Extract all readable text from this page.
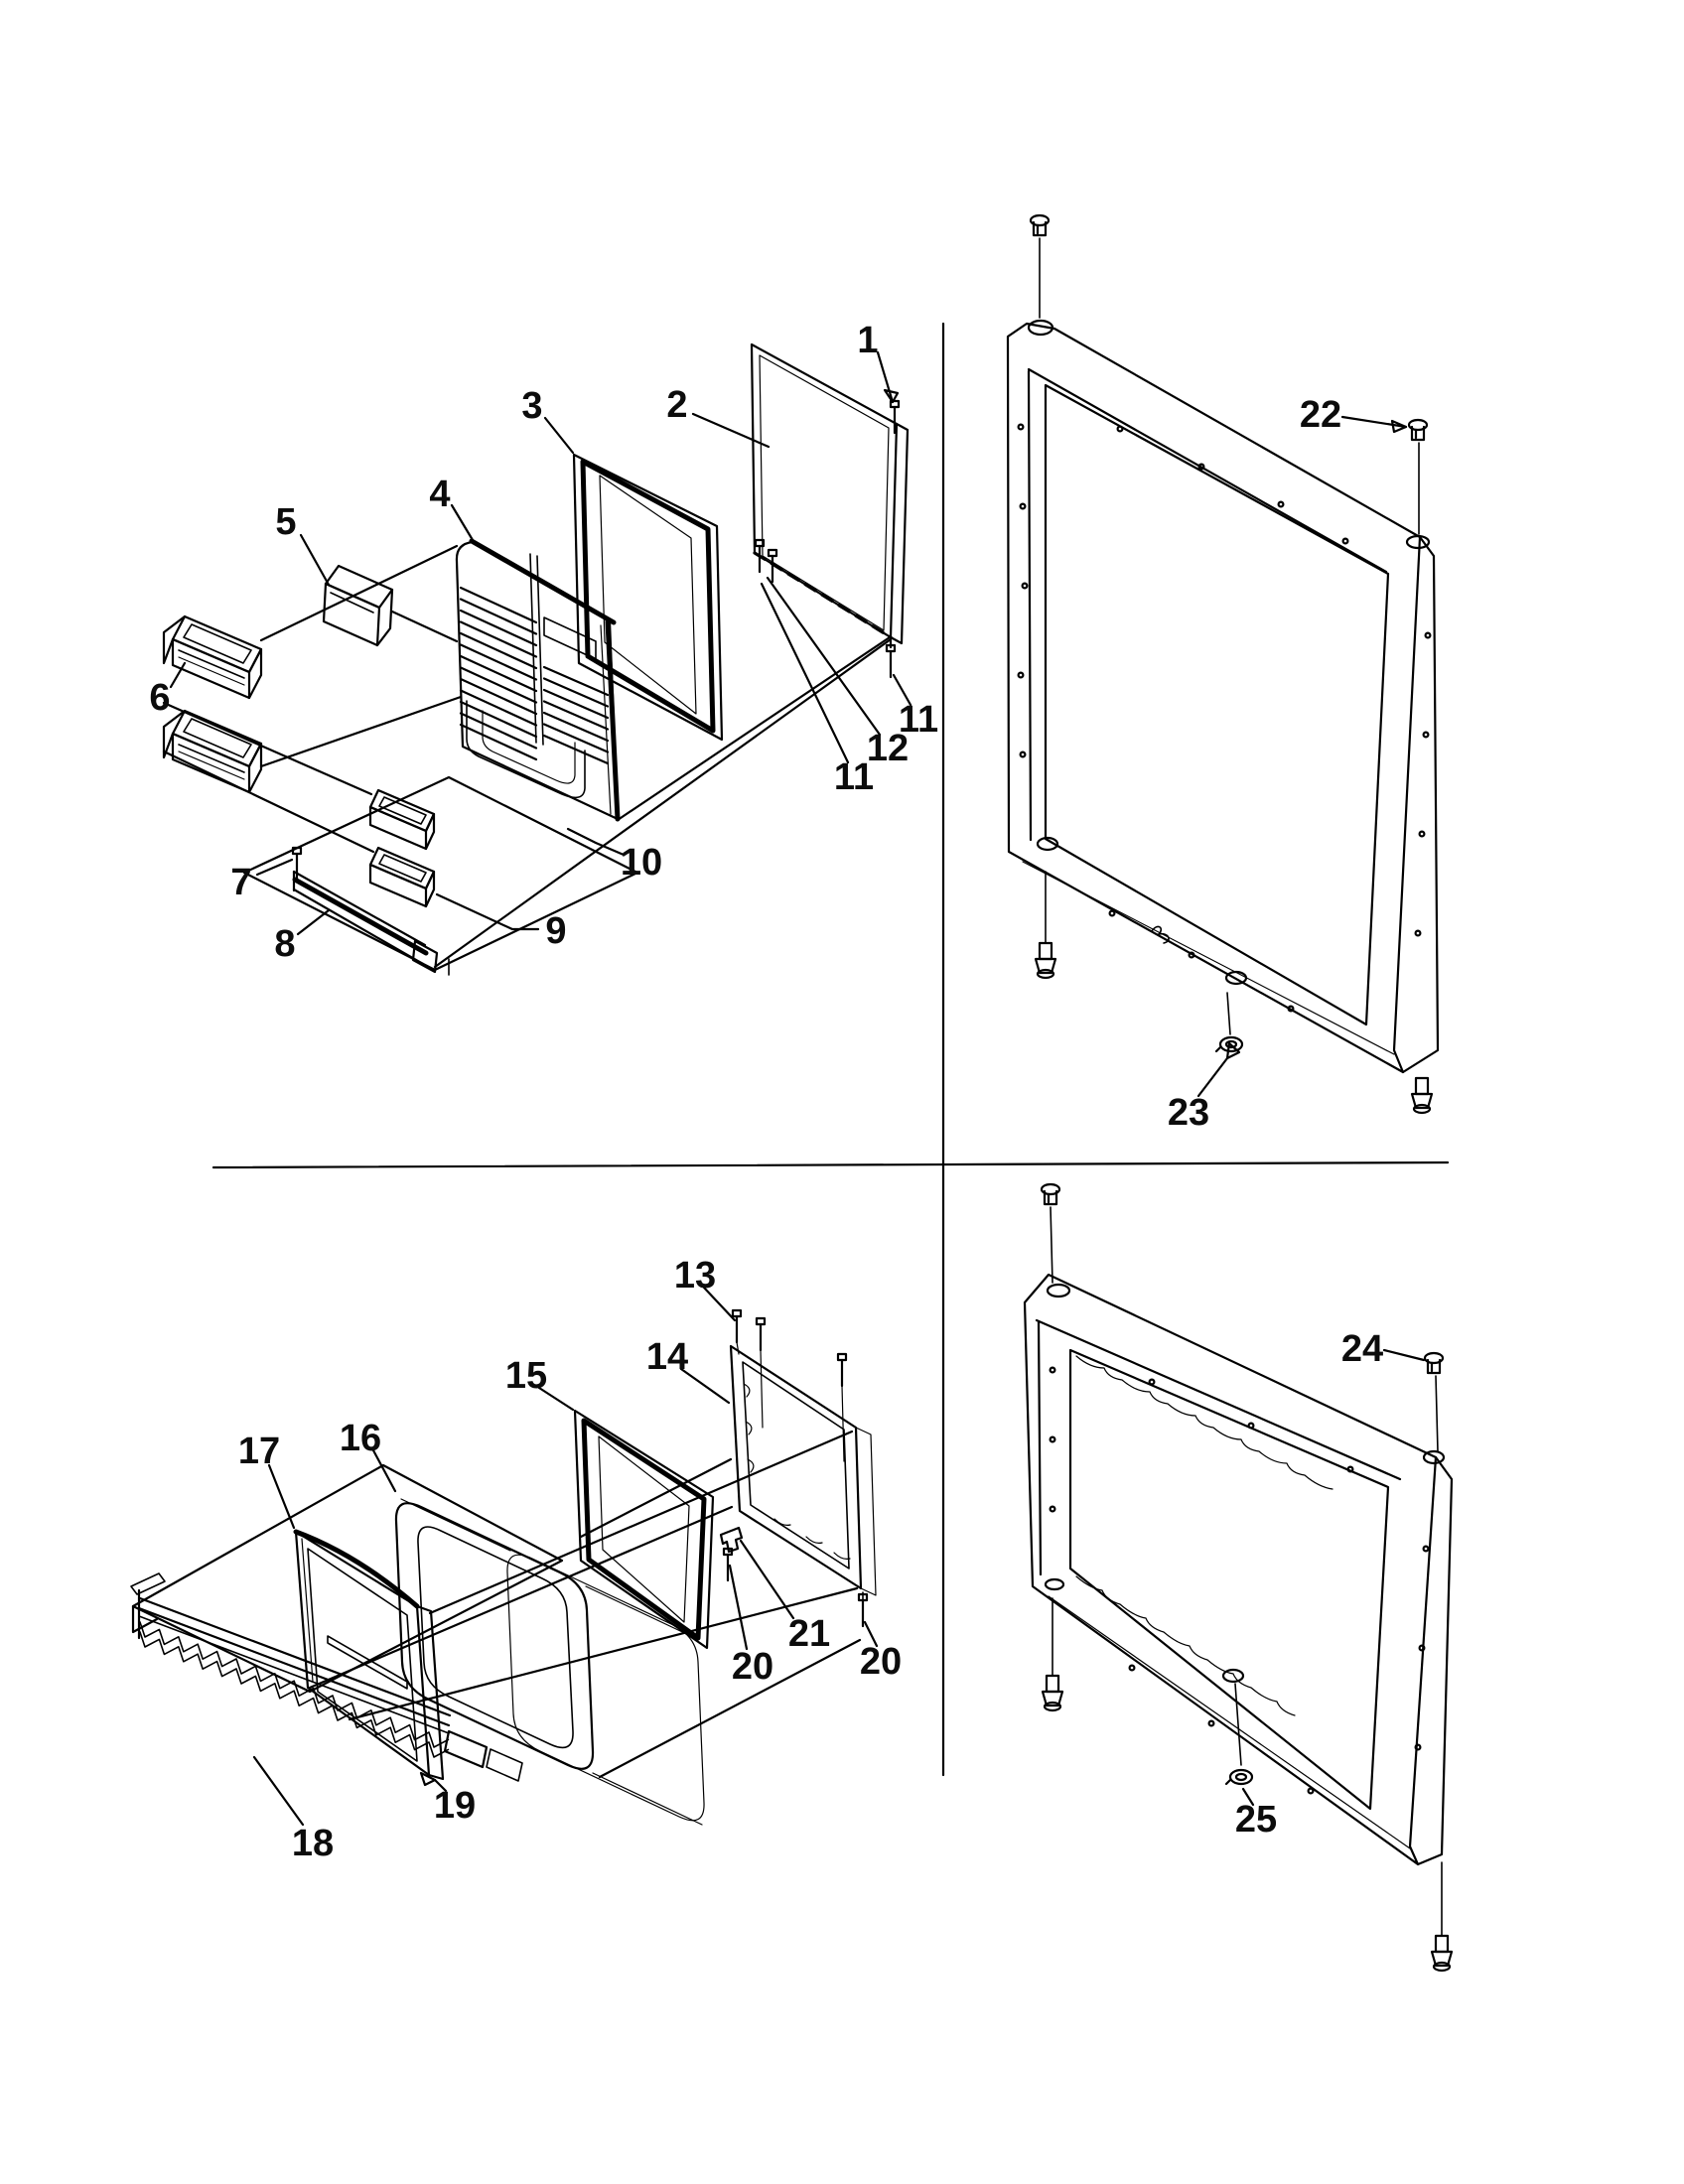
1
2
3
4
5
6
7
8	9
10
11
12
11
13
14
15
16
17
18
19
20
21
20
22
23
24
25
